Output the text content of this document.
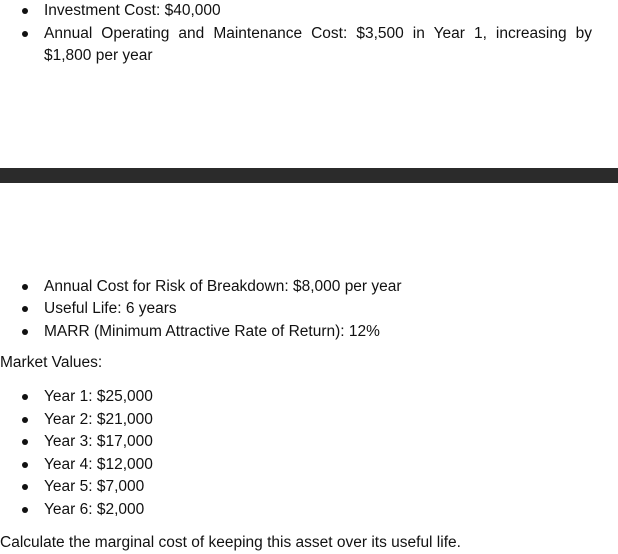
Investment Cost: $40,000
Annual Operating and Maintenance Cost: $3,500 in Year 1, increasing by $1,800 per year
Annual Cost for Risk of Breakdown: $8,000 per year
Useful Life: 6 years
MARR (Minimum Attractive Rate of Return): 12%

Market Values:

Year 1: $25,000
Year 2: $21,000
Year 3: $17,000
Year 4: $12,000
Year 5: $7,000
Year 6: $2,000

Calculate the marginal cost of keeping this asset over its useful life.
